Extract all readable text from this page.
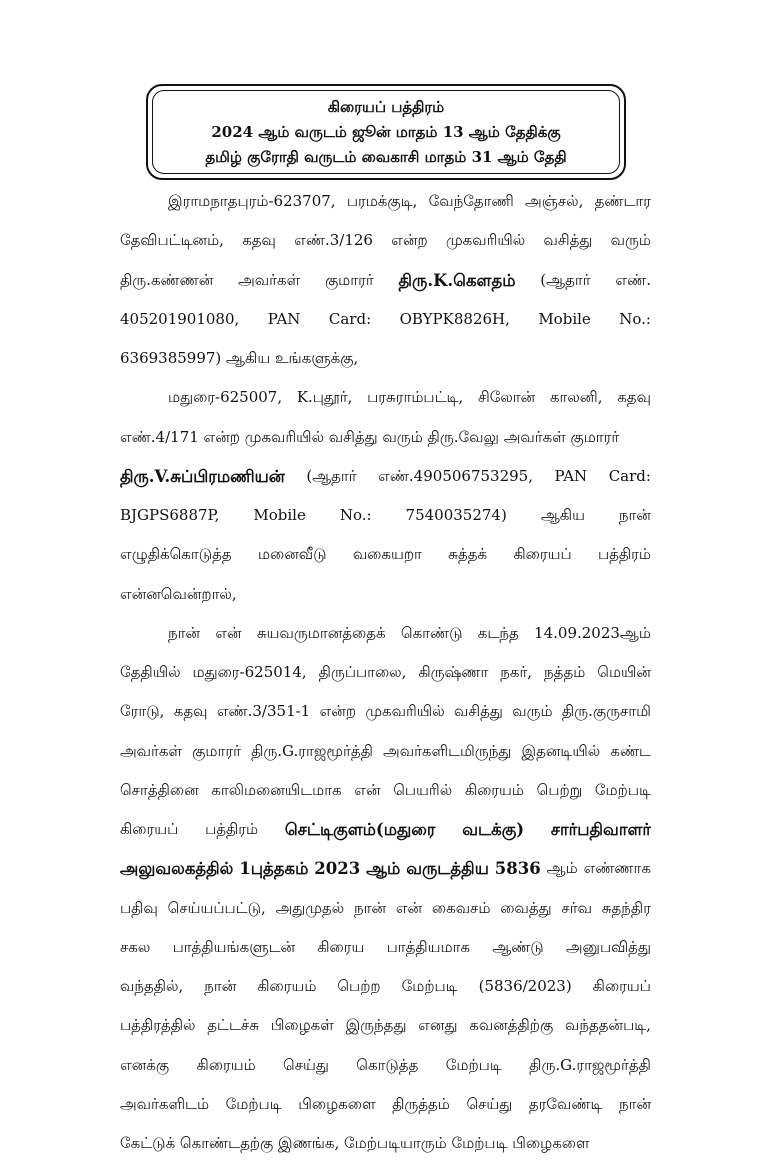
கிரையப் பத்திரம்
2024 ஆம் வருடம் ஜூன் மாதம் 13 ஆம் தேதிக்கு
தமிழ் குரோதி வருடம் வைகாசி மாதம் 31 ஆம் தேதி
இராமநாதபுரம்-623707, பரமக்குடி, வேந்தோணி அஞ்சல், தண்டார
தேவிபட்டினம், கதவு எண்.3/126 என்ற முகவரியில் வசித்து வரும்
திரு.கண்ணன் அவர்கள் குமாரர் திரு.K.கௌதம் (ஆதார் எண்.
405201901080, PAN Card: OBYPK8826H, Mobile No.:
6369385997) ஆகிய உங்களுக்கு,
மதுரை-625007, K.புதூர், பரசுராம்பட்டி, சிலோன் காலனி, கதவு
எண்.4/171 என்ற முகவரியில் வசித்து வரும் திரு.வேலு அவர்கள் குமாரர்
திரு.V.சுப்பிரமணியன் (ஆதார் எண்.490506753295, PAN Card:
BJGPS6887P, Mobile No.: 7540035274) ஆகிய நான்
எழுதிக்கொடுத்த மனைவீடு வகையறா சுத்தக் கிரையப் பத்திரம்
என்னவென்றால்,
நான் என் சுயவருமானத்தைக் கொண்டு கடந்த 14.09.2023ஆம்
தேதியில் மதுரை-625014, திருப்பாலை, கிருஷ்ணா நகர், நத்தம் மெயின்
ரோடு, கதவு எண்.3/351-1 என்ற முகவரியில் வசித்து வரும் திரு.குருசாமி
அவர்கள் குமாரர் திரு.G.ராஜமூர்த்தி அவர்களிடமிருந்து இதனடியில் கண்ட
சொத்தினை காலிமனையிடமாக என் பெயரில் கிரையம் பெற்று மேற்படி
கிரையப் பத்திரம் செட்டிகுளம்(மதுரை வடக்கு) சார்பதிவாளர்
அலுவலகத்தில் 1புத்தகம் 2023 ஆம் வருடத்திய 5836 ஆம் எண்ணாக
பதிவு செய்யப்பட்டு, அதுமுதல் நான் என் கைவசம் வைத்து சர்வ சுதந்திர
சகல பாத்தியங்களுடன் கிரைய பாத்தியமாக ஆண்டு அனுபவித்து
வந்ததில், நான் கிரையம் பெற்ற மேற்படி (5836/2023) கிரையப்
பத்திரத்தில் தட்டச்சு பிழைகள் இருந்தது எனது கவனத்திற்கு வந்ததன்படி,
எனக்கு கிரையம் செய்து கொடுத்த மேற்படி திரு.G.ராஜமூர்த்தி
அவர்களிடம் மேற்படி பிழைகளை திருத்தம் செய்து தரவேண்டி நான்
கேட்டுக் கொண்டதற்கு இணங்க, மேற்படியாரும் மேற்படி பிழைகளை
